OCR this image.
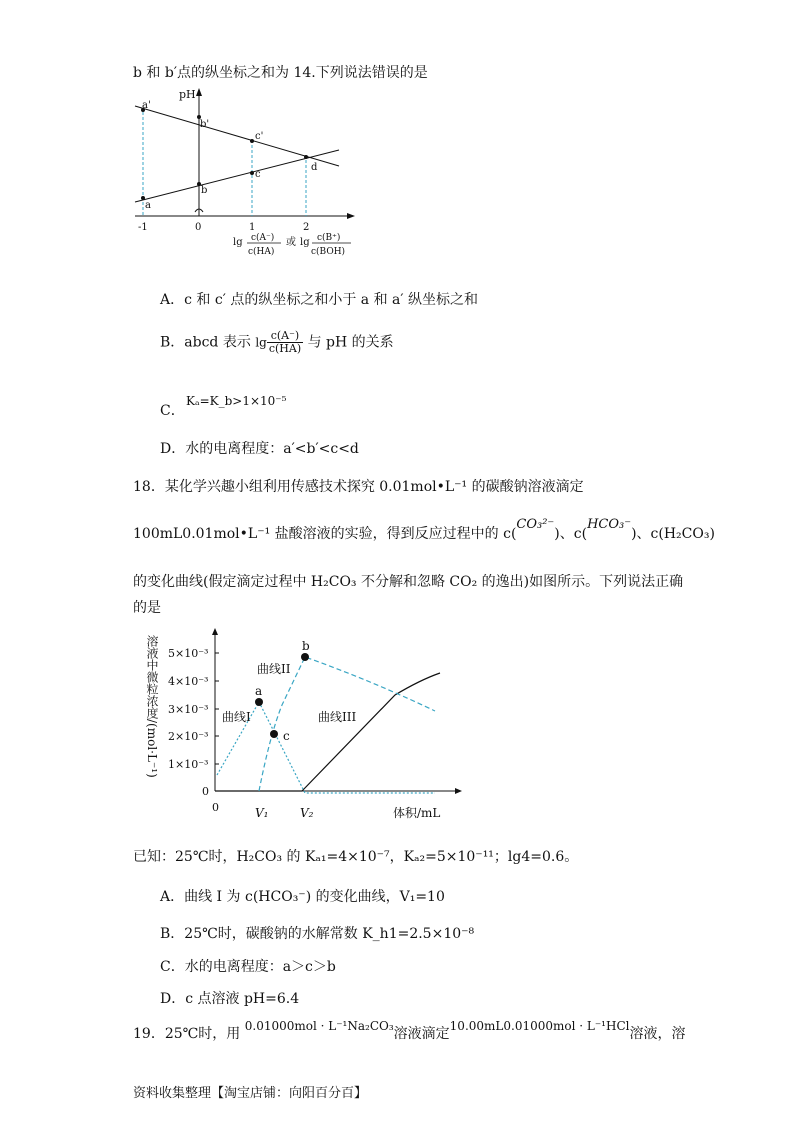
b 和 b′点的纵坐标之和为 14.下列说法错误的是
pH
a'
b'
c'
d
c
b
a
-1	0	1	2
lg c(A⁻)
c(HA)
或 lg c(B⁺)
c(BOH)
A．c 和 c′ 点的纵坐标之和小于 a 和 a′ 纵坐标之和
B．abcd 表示 $\lg \frac{c(A^-)}{c(HA)}$ 与 pH 的关系
C．
Kₐ=K_b>1×10⁻⁵
D．水的电离程度：a′<b′<c<d
18．某化学兴趣小组利用传感技术探究 0.01mol•L⁻¹ 的碳酸钠溶液滴定
100mL0.01mol•L⁻¹ 盐酸溶液的实验，得到反应过程中的 c(CO₃²⁻)、c(HCO₃⁻)、c(H₂CO₃)
的变化曲线(假定滴定过程中 H₂CO₃ 不分解和忽略 CO₂ 的逸出)如图所示。下列说法正确
的是
溶液中微粒浓度/(mol·L⁻¹) 5×10⁻³
4×10⁻³
3×10⁻³
2×10⁻³
1×10⁻³
0
0	V₁	V₂	体积/mL
a
b
c
曲线I
曲线II
曲线III
已知：25℃时，H₂CO₃ 的 Kₐ₁=4×10⁻⁷，Kₐ₂=5×10⁻¹¹；lg4=0.6。
A．曲线 I 为 c(HCO₃⁻) 的变化曲线，V₁=10
B．25℃时，碳酸钠的水解常数 K_h1=2.5×10⁻⁸
C．水的电离程度：a＞c＞b
D．c 点溶液 pH=6.4
19．25℃时，用 0.01000mol · L⁻¹Na₂CO₃溶液滴定10.00mL0.01000mol · L⁻¹HCl溶液，溶
资料收集整理【淘宝店铺：向阳百分百】
